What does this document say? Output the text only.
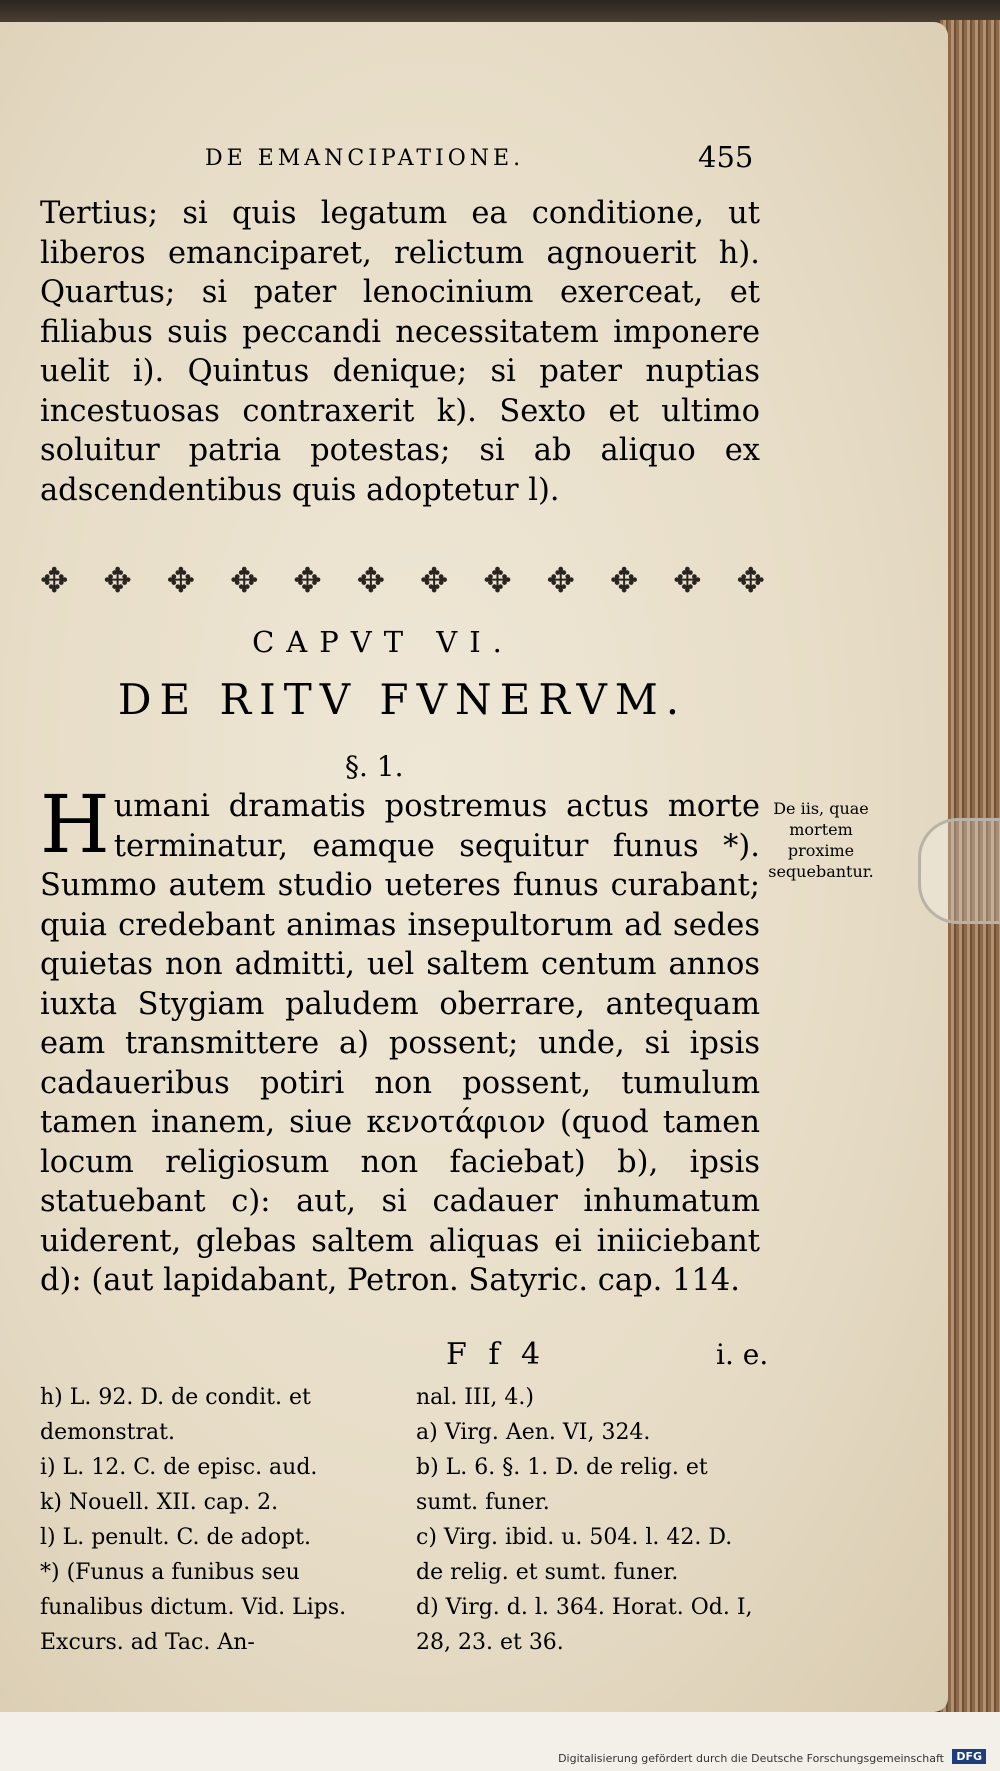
DE EMANCIPATIONE.	455

Tertius; si quis legatum ea conditione, ut liberos emanciparet, relictum agnouerit h). Quartus; si pater lenocinium exerceat, et filiabus suis peccandi necessitatem imponere uelit i). Quintus denique; si pater nuptias incestuosas contraxerit k). Sexto et ultimo soluitur patria potestas; si ab aliquo ex adscendentibus quis adoptetur l).

✥ ✥ ✥ ✥ ✥ ✥ ✥ ✥ ✥ ✥ ✥ ✥
CAPVT VI.
DE RITV FVNERVM.
§. 1.

Humani dramatis postremus actus morte terminatur, eamque sequitur funus *). Summo autem studio ueteres funus curabant; quia credebant animas insepultorum ad sedes quietas non admitti, uel saltem centum annos iuxta Stygiam paludem oberrare, antequam eam transmittere a) possent; unde, si ipsis cadaueribus potiri non possent, tumulum tamen inanem, siue κενοτάφιον (quod tamen locum religiosum non faciebat) b), ipsis statuebant c): aut, si cadauer inhumatum uiderent, glebas saltem aliquas ei iniiciebant d): (aut lapidabant, Petron. Satyric. cap. 114.

De iis, quae mortem proxime sequebantur.
F f 4	i. e.
h) L. 92. D. de condit. et demonstrat.
i) L. 12. C. de episc. aud.
k) Nouell. XII. cap. 2.
l) L. penult. C. de adopt.
*) (Funus a funibus seu funalibus dictum. Vid. Lips. Excurs. ad Tac. An-
nal. III, 4.)
a) Virg. Aen. VI, 324.
b) L. 6. §. 1. D. de relig. et sumt. funer.
c) Virg. ibid. u. 504. l. 42. D. de relig. et sumt. funer.
d) Virg. d. l. 364. Horat. Od. I, 28, 23. et 36.
Digitalisierung gefördert durch die Deutsche Forschungsgemeinschaft	DFG
